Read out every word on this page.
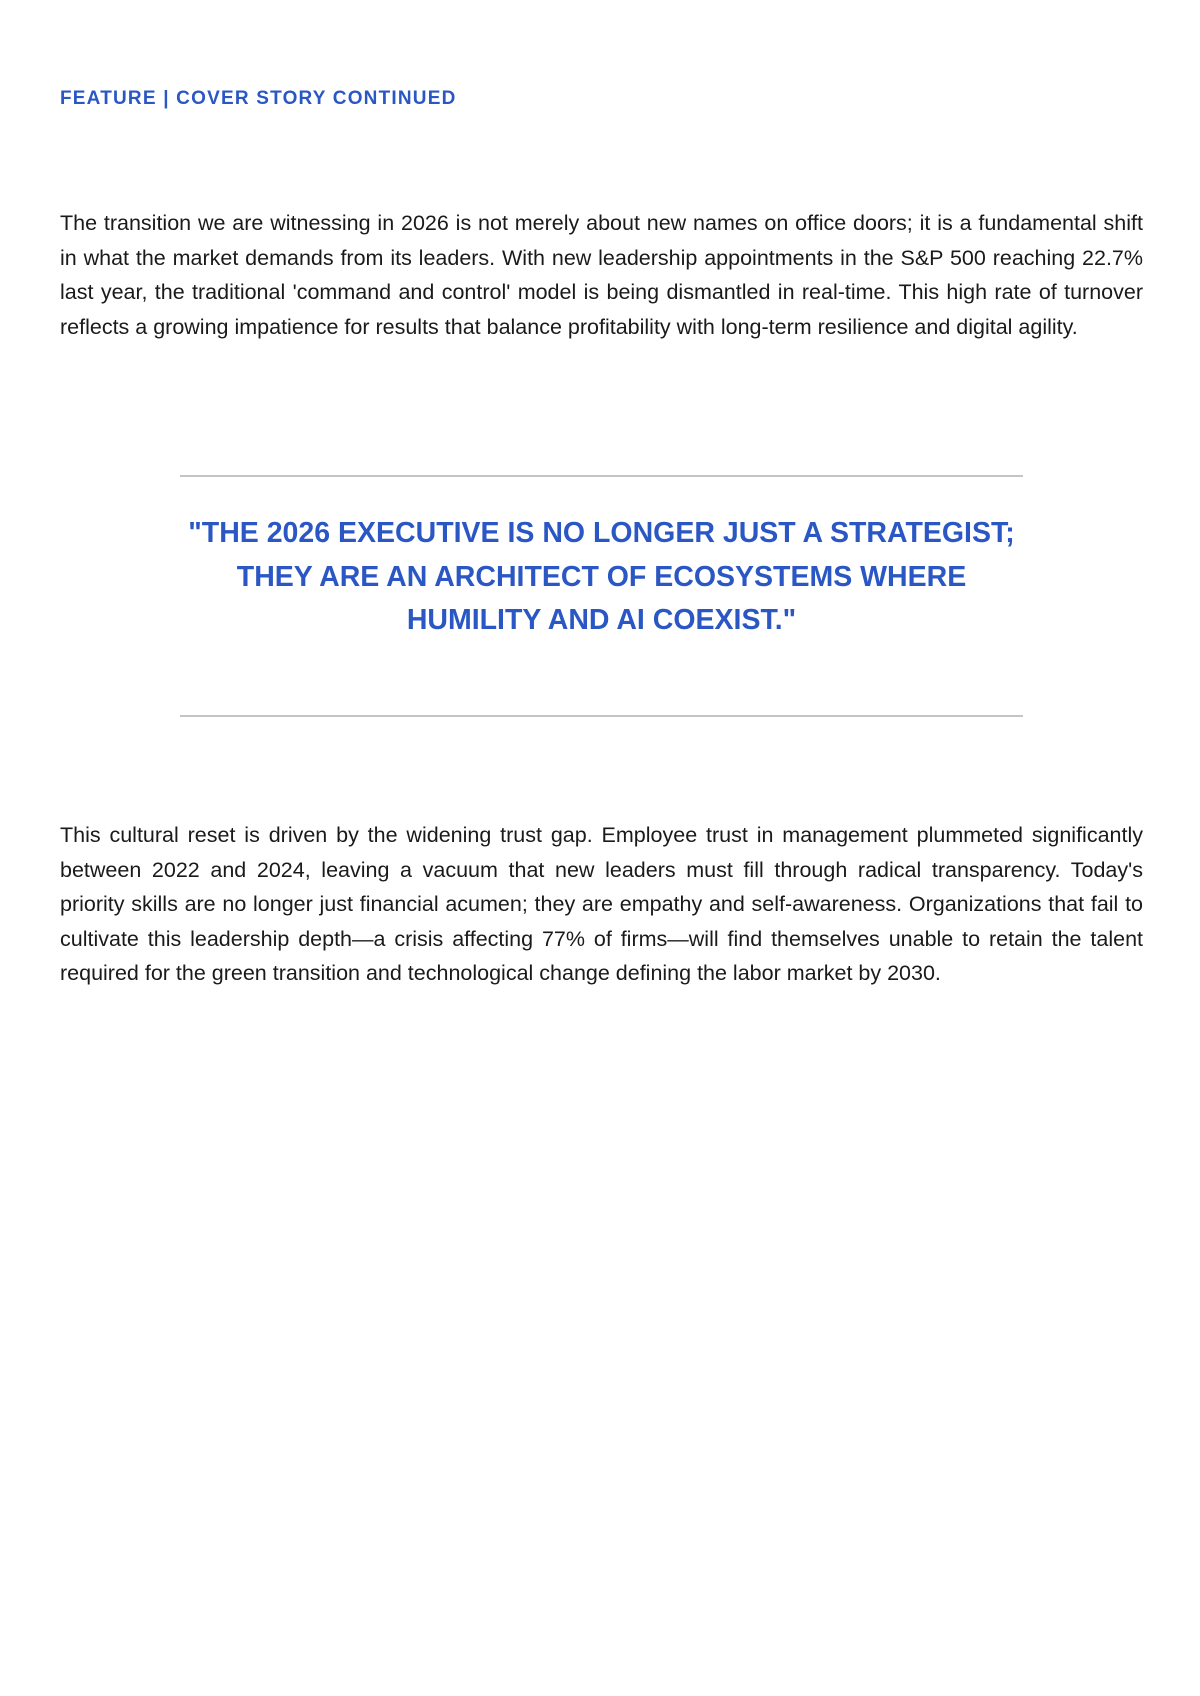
FEATURE | COVER STORY CONTINUED

The transition we are witnessing in 2026 is not merely about new names on office doors; it is a fundamental shift in what the market demands from its leaders. With new leadership appointments in the S&P 500 reaching 22.7% last year, the traditional 'command and control' model is being dismantled in real-time. This high rate of turnover reflects a growing impatience for results that balance profitability with long-term resilience and digital agility.

"THE 2026 EXECUTIVE IS NO LONGER JUST A STRATEGIST;
THEY ARE AN ARCHITECT OF ECOSYSTEMS WHERE
HUMILITY AND AI COEXIST."

This cultural reset is driven by the widening trust gap. Employee trust in management plummeted significantly between 2022 and 2024, leaving a vacuum that new leaders must fill through radical transparency. Today's priority skills are no longer just financial acumen; they are empathy and self-awareness. Organizations that fail to cultivate this leadership depth—a crisis affecting 77% of firms—will find themselves unable to retain the talent required for the green transition and technological change defining the labor market by 2030.
